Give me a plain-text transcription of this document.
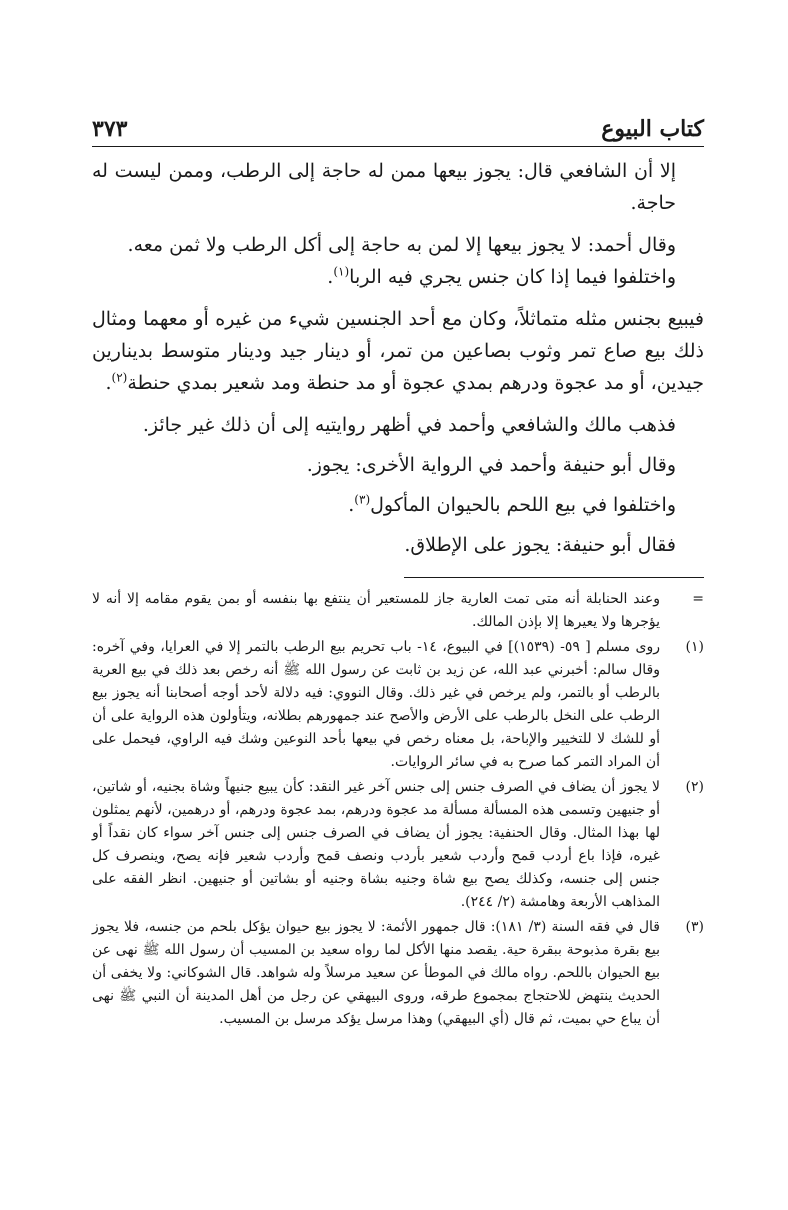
كتاب البيوع
٣٧٣

إلا أن الشافعي قال: يجوز بيعها ممن له حاجة إلى الرطب، وممن ليست له حاجة.

وقال أحمد: لا يجوز بيعها إلا لمن به حاجة إلى أكل الرطب ولا ثمن معه.

واختلفوا فيما إذا كان جنس يجري فيه الربا$^{(١)}$.

فيبيع بجنس مثله متماثلاً، وكان مع أحد الجنسين شيء من غيره أو معهما ومثال ذلك بيع صاع تمر وثوب بصاعين من تمر، أو دينار جيد ودينار متوسط بدينارين جيدين، أو مد عجوة ودرهم بمدي عجوة أو مد حنطة ومد شعير بمدي حنطة$^{(٢)}$.

فذهب مالك والشافعي وأحمد في أظهر روايتيه إلى أن ذلك غير جائز.

وقال أبو حنيفة وأحمد في الرواية الأخرى: يجوز.

واختلفوا في بيع اللحم بالحيوان المأكول$^{(٣)}$.

فقال أبو حنيفة: يجوز على الإطلاق.

=
وعند الحنابلة أنه متى تمت العارية جاز للمستعير أن ينتفع بها بنفسه أو بمن يقوم مقامه إلا أنه لا يؤجرها ولا يعيرها إلا بإذن المالك.
(١)
روى مسلم [ ٥٩- (١٥٣٩)] في البيوع، ١٤- باب تحريم بيع الرطب بالتمر إلا في العرايا، وفي آخره: وقال سالم: أخبرني عبد الله، عن زيد بن ثابت عن رسول الله ﷺ أنه رخص بعد ذلك في بيع العرية بالرطب أو بالتمر، ولم يرخص في غير ذلك. وقال النووي: فيه دلالة لأحد أوجه أصحابنا أنه يجوز بيع الرطب على النخل بالرطب على الأرض والأصح عند جمهورهم بطلانه، ويتأولون هذه الرواية على أن أو للشك لا للتخيير والإباحة، بل معناه رخص في بيعها بأحد النوعين وشك فيه الراوي، فيحمل على أن المراد التمر كما صرح به في سائر الروايات.
(٢)
لا يجوز أن يضاف في الصرف جنس إلى جنس آخر غير النقد: كأن يبيع جنيهاً وشاة بجنيه، أو شاتين، أو جنيهين وتسمى هذه المسألة مسألة مد عجوة ودرهم، بمد عجوة ودرهم، أو درهمين، لأنهم يمثلون لها بهذا المثال. وقال الحنفية: يجوز أن يضاف في الصرف جنس إلى جنس آخر سواء كان نقداً أو غيره، فإذا باع أردب قمح وأردب شعير بأردب ونصف قمح وأردب شعير فإنه يصح، وينصرف كل جنس إلى جنسه، وكذلك يصح بيع شاة وجنيه بشاة وجنيه أو بشاتين أو جنيهين. انظر الفقه على المذاهب الأربعة وهامشة (٢/ ٢٤٤).
(٣)
قال في فقه السنة (٣/ ١٨١): قال جمهور الأئمة: لا يجوز بيع حيوان يؤكل بلحم من جنسه، فلا يجوز بيع بقرة مذبوحة ببقرة حية. يقصد منها الأكل لما رواه سعيد بن المسيب أن رسول الله ﷺ نهى عن بيع الحيوان باللحم. رواه مالك في الموطأ عن سعيد مرسلاً وله شواهد. قال الشوكاني: ولا يخفى أن الحديث ينتهض للاحتجاج بمجموع طرقه، وروى البيهقي عن رجل من أهل المدينة أن النبي ﷺ نهى أن يباع حي بميت، ثم قال (أي البيهقي) وهذا مرسل يؤكد مرسل بن المسيب.
